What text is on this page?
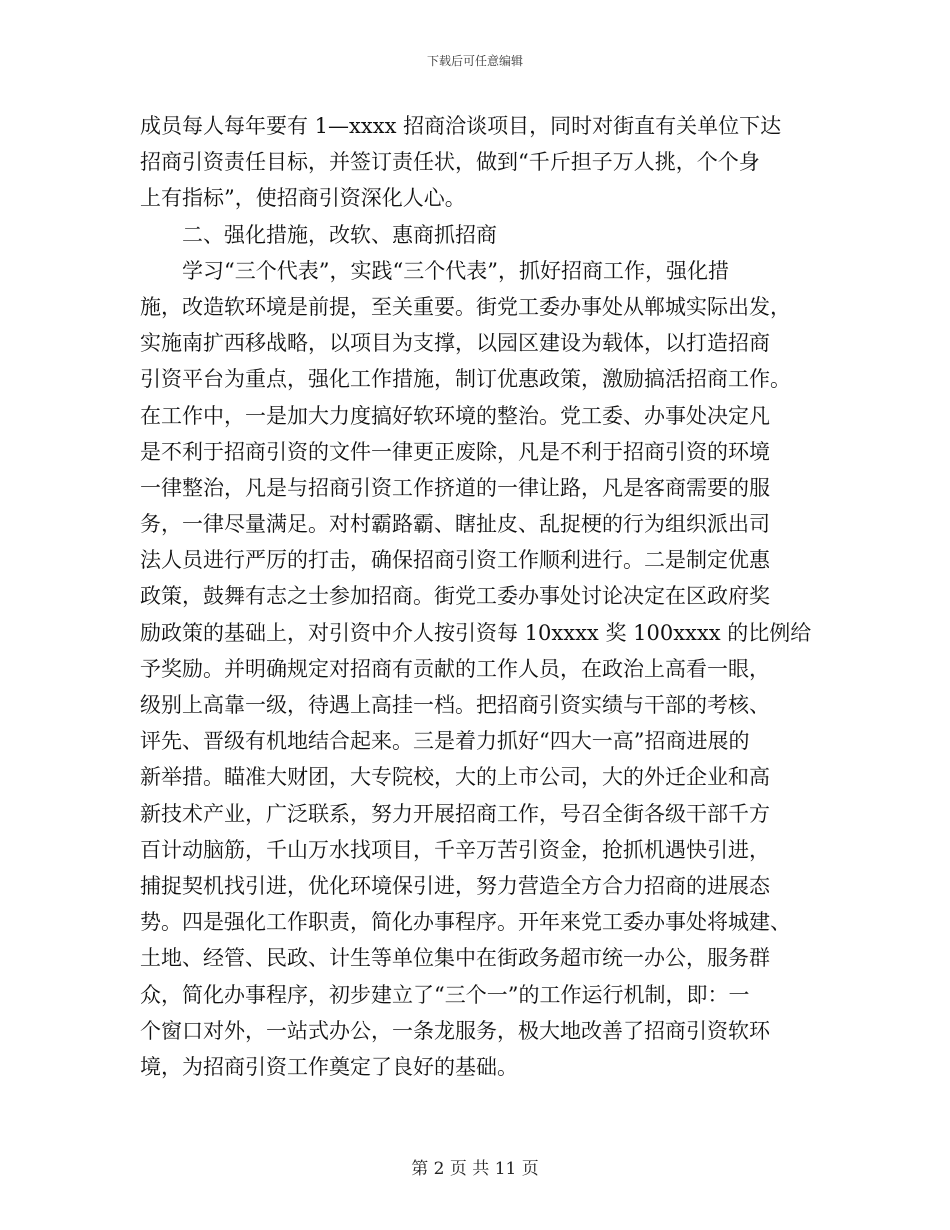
下载后可任意编辑
成员每人每年要有 1—xxxx 招商洽谈项目，同时对街直有关单位下达
招商引资责任目标，并签订责任状，做到“千斤担子万人挑，个个身
上有指标”，使招商引资深化人心。
　　二、强化措施，改软、惠商抓招商
　　学习“三个代表”，实践“三个代表”，抓好招商工作，强化措
施，改造软环境是前提，至关重要。街党工委办事处从郸城实际出发，
实施南扩西移战略，以项目为支撑，以园区建设为载体，以打造招商
引资平台为重点，强化工作措施，制订优惠政策，激励搞活招商工作。
在工作中，一是加大力度搞好软环境的整治。党工委、办事处决定凡
是不利于招商引资的文件一律更正废除，凡是不利于招商引资的环境
一律整治，凡是与招商引资工作挤道的一律让路，凡是客商需要的服
务，一律尽量满足。对村霸路霸、瞎扯皮、乱捉梗的行为组织派出司
法人员进行严厉的打击，确保招商引资工作顺利进行。二是制定优惠
政策，鼓舞有志之士参加招商。街党工委办事处讨论决定在区政府奖
励政策的基础上，对引资中介人按引资每 10xxxx 奖 100xxxx 的比例给
予奖励。并明确规定对招商有贡献的工作人员，在政治上高看一眼，
级别上高靠一级，待遇上高挂一档。把招商引资实绩与干部的考核、
评先、晋级有机地结合起来。三是着力抓好“四大一高”招商进展的
新举措。瞄准大财团，大专院校，大的上市公司，大的外迁企业和高
新技术产业，广泛联系，努力开展招商工作，号召全街各级干部千方
百计动脑筋，千山万水找项目，千辛万苦引资金，抢抓机遇快引进，
捕捉契机找引进，优化环境保引进，努力营造全方合力招商的进展态
势。四是强化工作职责，简化办事程序。开年来党工委办事处将城建、
土地、经管、民政、计生等单位集中在街政务超市统一办公，服务群
众，简化办事程序，初步建立了“三个一”的工作运行机制，即：一
个窗口对外，一站式办公，一条龙服务，极大地改善了招商引资软环
境，为招商引资工作奠定了良好的基础。
第 2 页 共 11 页
